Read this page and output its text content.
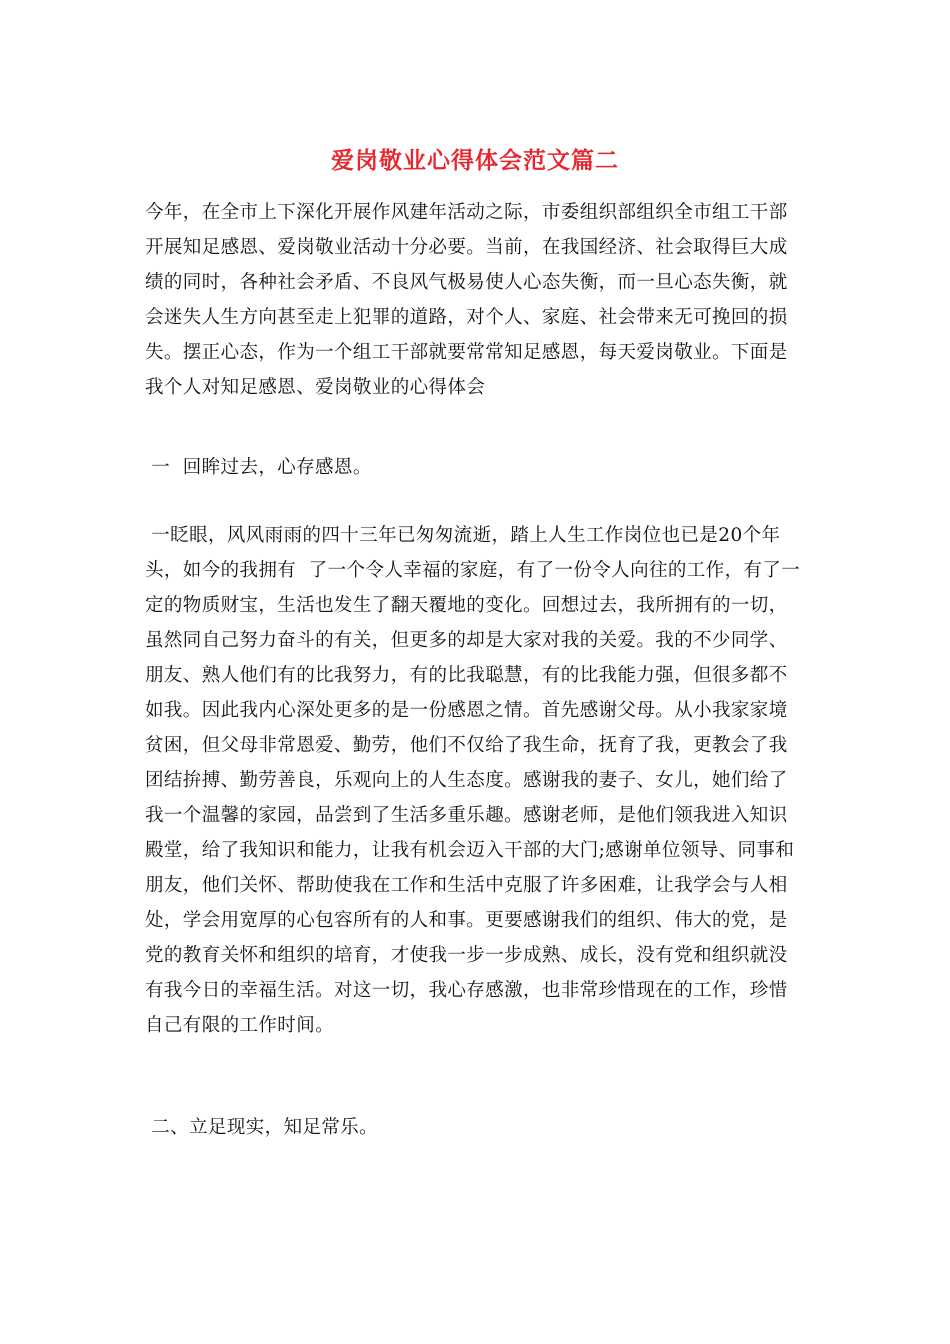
爱岗敬业心得体会范文篇二
今年，在全市上下深化开展作风建年活动之际，市委组织部组织全市组工干部
开展知足感恩、爱岗敬业活动十分必要。当前，在我国经济、社会取得巨大成
绩的同时，各种社会矛盾、不良风气极易使人心态失衡，而一旦心态失衡，就
会迷失人生方向甚至走上犯罪的道路，对个人、家庭、社会带来无可挽回的损
失。摆正心态，作为一个组工干部就要常常知足感恩，每天爱岗敬业。下面是
我个人对知足感恩、爱岗敬业的心得体会
一  回眸过去，心存感恩。
一眨眼，风风雨雨的四十三年已匆匆流逝，踏上人生工作岗位也已是20个年
头，如今的我拥有  了一个令人幸福的家庭，有了一份令人向往的工作，有了一
定的物质财宝，生活也发生了翻天覆地的变化。回想过去，我所拥有的一切，
虽然同自己努力奋斗的有关，但更多的却是大家对我的关爱。我的不少同学、
朋友、熟人他们有的比我努力，有的比我聪慧，有的比我能力强，但很多都不
如我。因此我内心深处更多的是一份感恩之情。首先感谢父母。从小我家家境
贫困，但父母非常恩爱、勤劳，他们不仅给了我生命，抚育了我，更教会了我
团结拚搏、勤劳善良，乐观向上的人生态度。感谢我的妻子、女儿，她们给了
我一个温馨的家园，品尝到了生活多重乐趣。感谢老师，是他们领我进入知识
殿堂，给了我知识和能力，让我有机会迈入干部的大门;感谢单位领导、同事和
朋友，他们关怀、帮助使我在工作和生活中克服了许多困难，让我学会与人相
处，学会用宽厚的心包容所有的人和事。更要感谢我们的组织、伟大的党，是
党的教育关怀和组织的培育，才使我一步一步成熟、成长，没有党和组织就没
有我今日的幸福生活。对这一切，我心存感激，也非常珍惜现在的工作，珍惜
自己有限的工作时间。
二、立足现实，知足常乐。
